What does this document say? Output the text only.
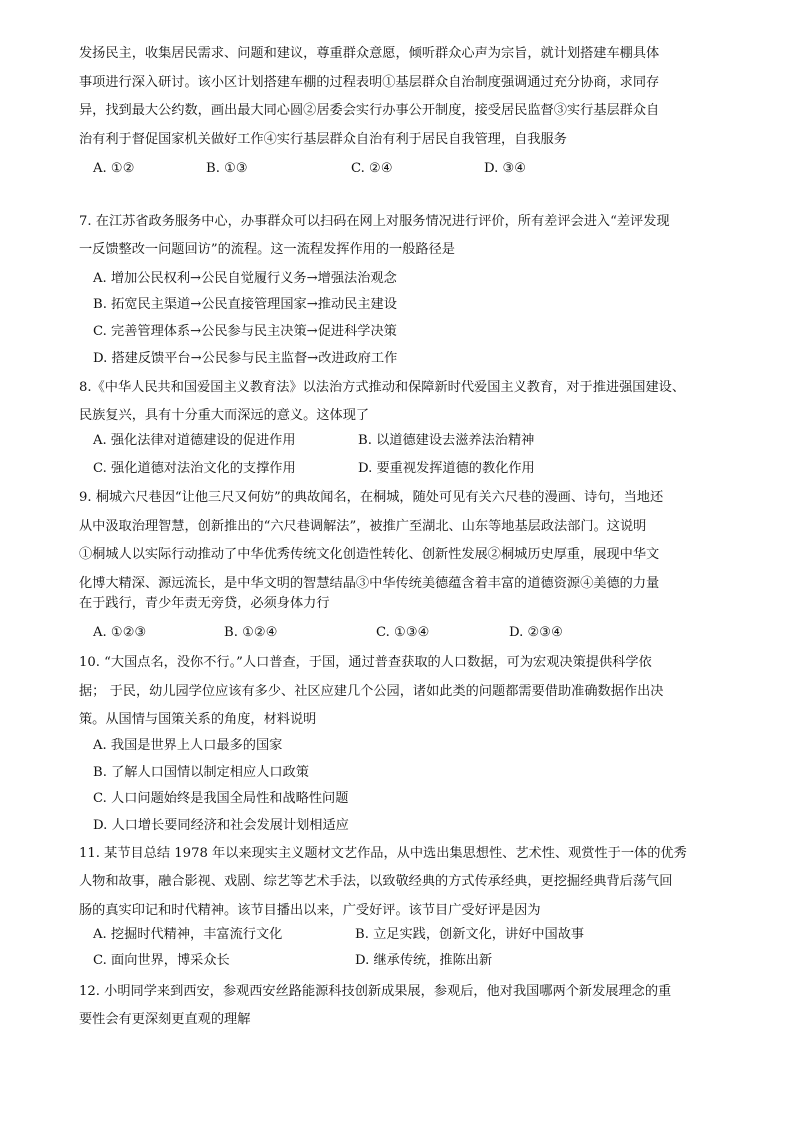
发扬民主，收集居民需求、问题和建议，尊重群众意愿，倾听群众心声为宗旨，就计划搭建车棚具体
事项进行深入研讨。该小区计划搭建车棚的过程表明①基层群众自治制度强调通过充分协商，求同存
异，找到最大公约数，画出最大同心圆②居委会实行办事公开制度，接受居民监督③实行基层群众自
治有利于督促国家机关做好工作④实行基层群众自治有利于居民自我管理，自我服务
A. ①②	B. ①③	C. ②④	D. ③④
7. 在江苏省政务服务中心，办事群众可以扫码在网上对服务情况进行评价，所有差评会进入“差评发现
一反馈整改一问题回访”的流程。这一流程发挥作用的一般路径是
A. 增加公民权利→公民自觉履行义务→增强法治观念
B. 拓宽民主渠道→公民直接管理国家→推动民主建设
C. 完善管理体系→公民参与民主决策→促进科学决策
D. 搭建反馈平台→公民参与民主监督→改进政府工作
8.《中华人民共和国爱国主义教育法》以法治方式推动和保障新时代爱国主义教育，对于推进强国建设、
民族复兴，具有十分重大而深远的意义。这体现了
A. 强化法律对道德建设的促进作用	B. 以道德建设去滋养法治精神
C. 强化道德对法治文化的支撑作用	D. 要重视发挥道德的教化作用
9. 桐城六尺巷因“让他三尺又何妨”的典故闻名，在桐城，随处可见有关六尺巷的漫画、诗句，当地还
从中汲取治理智慧，创新推出的“六尺巷调解法”，被推广至湖北、山东等地基层政法部门。这说明
①桐城人以实际行动推动了中华优秀传统文化创造性转化、创新性发展②桐城历史厚重，展现中华文
化博大精深、源远流长，是中华文明的智慧结晶③中华传统美德蕴含着丰富的道德资源④美德的力量
在于践行，青少年责无旁贷，必须身体力行
A. ①②③	B. ①②④	C. ①③④	D. ②③④
10. “大国点名，没你不行。”人口普查，于国，通过普查获取的人口数据，可为宏观决策提供科学依
据； 于民，幼儿园学位应该有多少、社区应建几个公园，诸如此类的问题都需要借助准确数据作出决
策。从国情与国策关系的角度，材料说明
A. 我国是世界上人口最多的国家
B. 了解人口国情以制定相应人口政策
C. 人口问题始终是我国全局性和战略性问题
D. 人口增长要同经济和社会发展计划相适应
11. 某节目总结 1978 年以来现实主义题材文艺作品，从中选出集思想性、艺术性、观赏性于一体的优秀
人物和故事，融合影视、戏剧、综艺等艺术手法，以致敬经典的方式传承经典，更挖掘经典背后荡气回
肠的真实印记和时代精神。该节目播出以来，广受好评。该节目广受好评是因为
A. 挖掘时代精神，丰富流行文化	B. 立足实践，创新文化，讲好中国故事
C. 面向世界，博采众长	D. 继承传统，推陈出新
12. 小明同学来到西安，参观西安丝路能源科技创新成果展，参观后，他对我国哪两个新发展理念的重
要性会有更深刻更直观的理解
